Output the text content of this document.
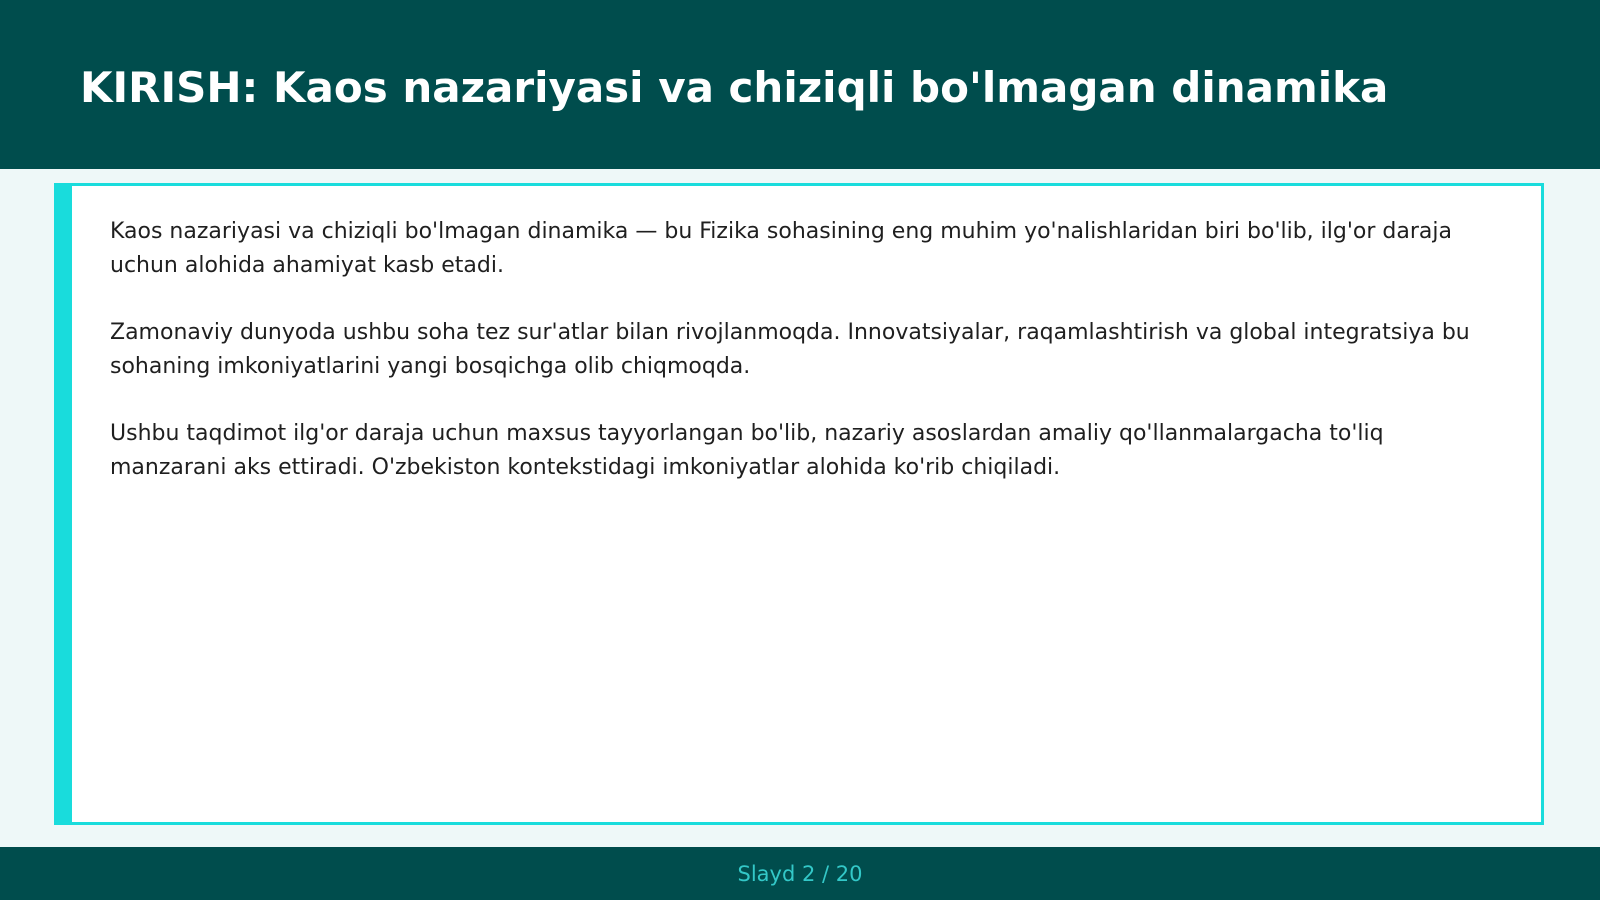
KIRISH: Kaos nazariyasi va chiziqli bo'lmagan dinamika

Kaos nazariyasi va chiziqli bo'lmagan dinamika — bu Fizika sohasining eng muhim yo'nalishlaridan biri bo'lib, ilg'or daraja uchun alohida ahamiyat kasb etadi.

Zamonaviy dunyoda ushbu soha tez sur'atlar bilan rivojlanmoqda. Innovatsiyalar, raqamlashtirish va global integratsiya bu sohaning imkoniyatlarini yangi bosqichga olib chiqmoqda.

Ushbu taqdimot ilg'or daraja uchun maxsus tayyorlangan bo'lib, nazariy asoslardan amaliy qo'llanmalargacha to'liq manzarani aks ettiradi. O'zbekiston kontekstidagi imkoniyatlar alohida ko'rib chiqiladi.

Slayd 2 / 20
